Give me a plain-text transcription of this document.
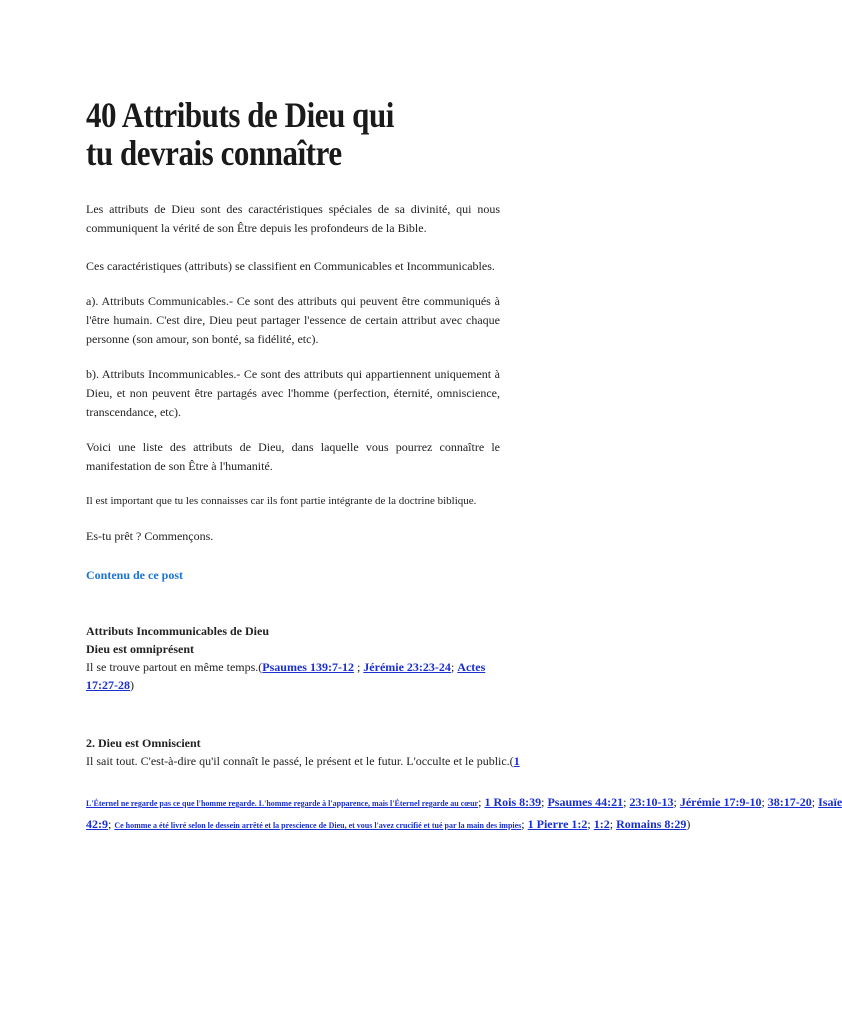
40 Attributs de Dieu qui
tu devrais connaître

Les attributs de Dieu sont des caractéristiques spéciales de sa divinité, qui nous communiquent la vérité de son Être depuis les profondeurs de la Bible.

Ces caractéristiques (attributs) se classifient en Communicables et Incommunicables.

a). Attributs Communicables.- Ce sont des attributs qui peuvent être communiqués à l'être humain. C'est dire, Dieu peut partager l'essence de certain attribut avec chaque personne (son amour, son bonté, sa fidélité, etc).

b). Attributs Incommunicables.- Ce sont des attributs qui appartiennent uniquement à Dieu, et non peuvent être partagés avec l'homme (perfection, éternité, omniscience, transcendance, etc).

Voici une liste des attributs de Dieu, dans laquelle vous pourrez connaître le manifestation de son Être à l'humanité.

Il est important que tu les connaisses car ils font partie intégrante de la doctrine biblique.

Es-tu prêt ? Commençons.

Contenu de ce post
Attributs Incommunicables de Dieu
Dieu est omniprésent
Il se trouve partout en même temps.(Psaumes 139:7-12 ; Jérémie 23:23-24; Actes 17:27-28)
2. Dieu est Omniscient
Il sait tout. C'est-à-dire qu'il connaît le passé, le présent et le futur. L'occulte et le public.(1
L'Éternel ne regarde pas ce que l'homme regarde. L'homme regarde à l'apparence, mais l'Éternel regarde au cœur; 1 Rois 8:39; Psaumes 44:21; 23:10-13; Jérémie 17:9-10; 38:17-20; Isaïe
42:9; Ce homme a été livré selon le dessein arrêté et la prescience de Dieu, et vous l'avez crucifié et tué par la main des impies; 1 Pierre 1:2; 1:2; Romains 8:29)
